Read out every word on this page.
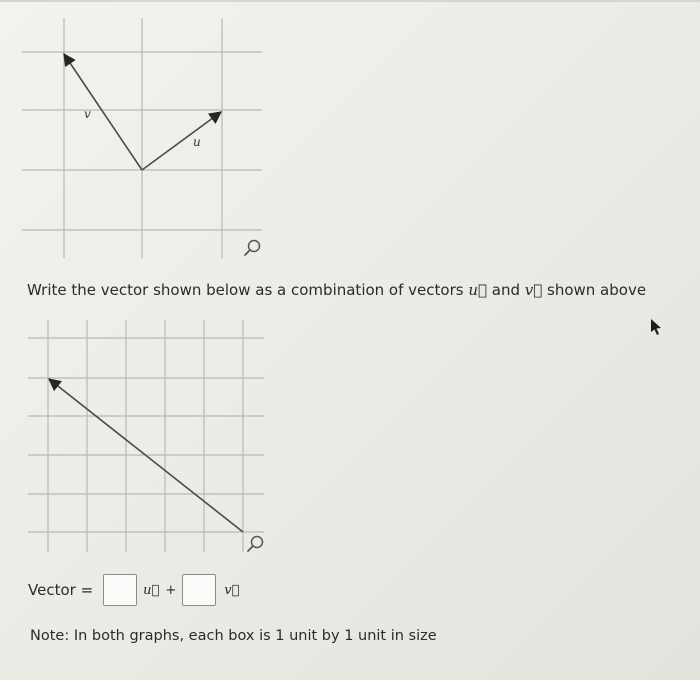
v
u
Write the vector shown below as a combination of vectors u⃗ and v⃗ shown above
Vector =	u⃗ +	v⃗
Note: In both graphs, each box is 1 unit by 1 unit in size
